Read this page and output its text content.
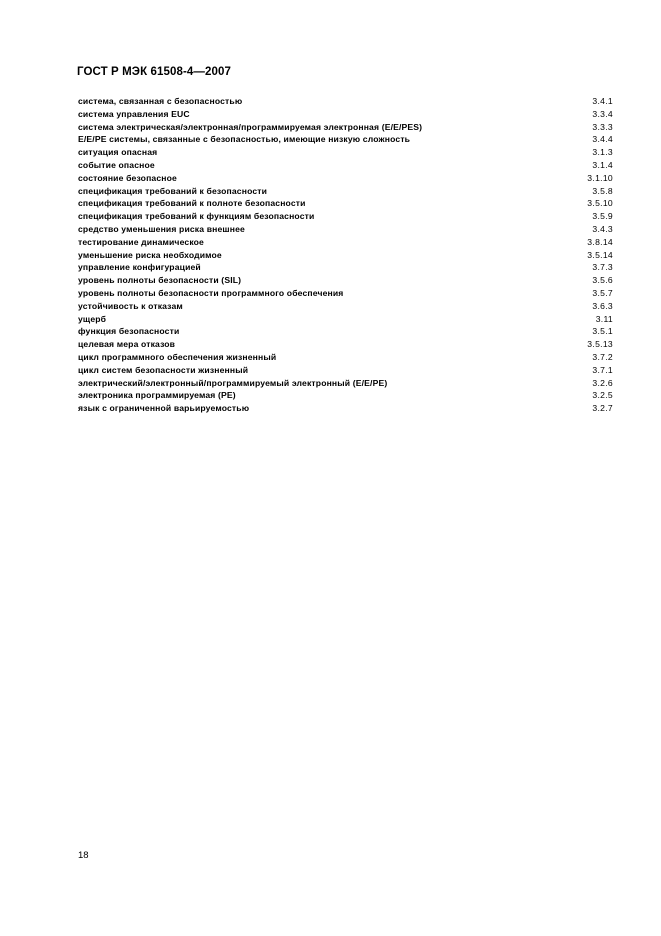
ГОСТ Р МЭК 61508-4—2007
система, связанная с безопасностью	3.4.1
система управления EUC	3.3.4
система электрическая/электронная/программируемая электронная (E/E/PES)	3.3.3
E/E/PE системы, связанные с безопасностью, имеющие низкую сложность	3.4.4
ситуация опасная	3.1.3
событие опасное	3.1.4
состояние безопасное	3.1.10
спецификация требований к безопасности	3.5.8
спецификация требований к полноте безопасности	3.5.10
спецификация требований к функциям безопасности	3.5.9
средство уменьшения риска внешнее	3.4.3
тестирование динамическое	3.8.14
уменьшение риска необходимое	3.5.14
управление конфигурацией	3.7.3
уровень полноты безопасности (SIL)	3.5.6
уровень полноты безопасности программного обеспечения	3.5.7
устойчивость к отказам	3.6.3
ущерб	3.11
функция безопасности	3.5.1
целевая мера отказов	3.5.13
цикл программного обеспечения жизненный	3.7.2
цикл систем безопасности жизненный	3.7.1
электрический/электронный/программируемый электронный (E/E/PE)	3.2.6
электроника программируемая (PE)	3.2.5
язык с ограниченной варьируемостью	3.2.7
18
